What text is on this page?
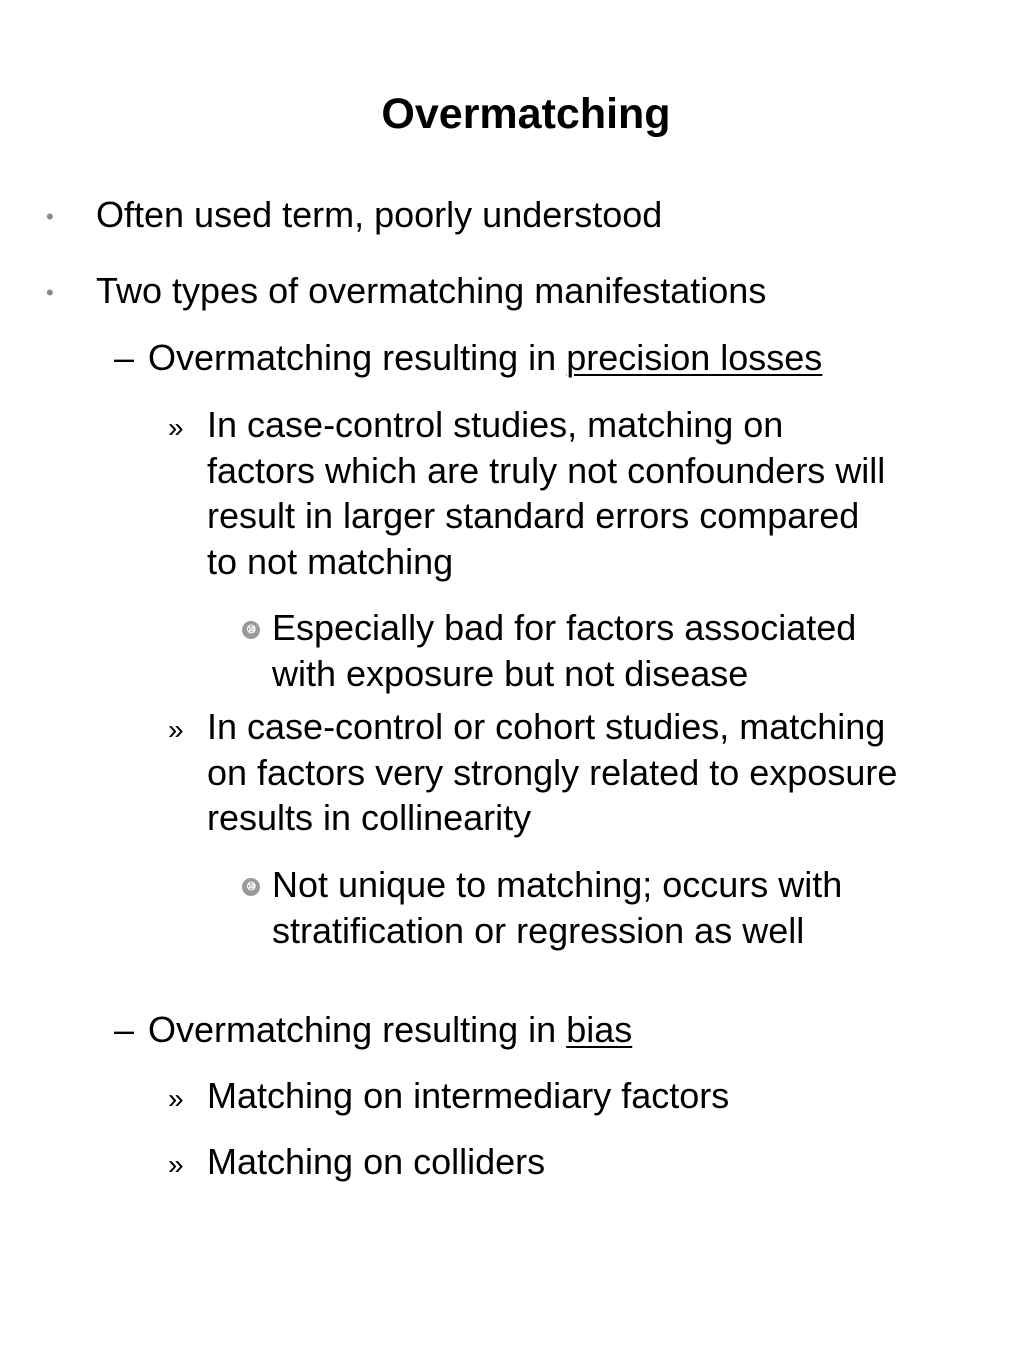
Overmatching
• Often used term, poorly understood
• Two types of overmatching manifestations
– Overmatching resulting in precision losses
» In case-control studies, matching on factors which are truly not confounders will result in larger standard errors compared to not matching
⑩ Especially bad for factors associated with exposure but not disease
» In case-control or cohort studies, matching on factors very strongly related to exposure results in collinearity
⑩ Not unique to matching; occurs with stratification or regression as well
– Overmatching resulting in bias
» Matching on intermediary factors
» Matching on colliders
